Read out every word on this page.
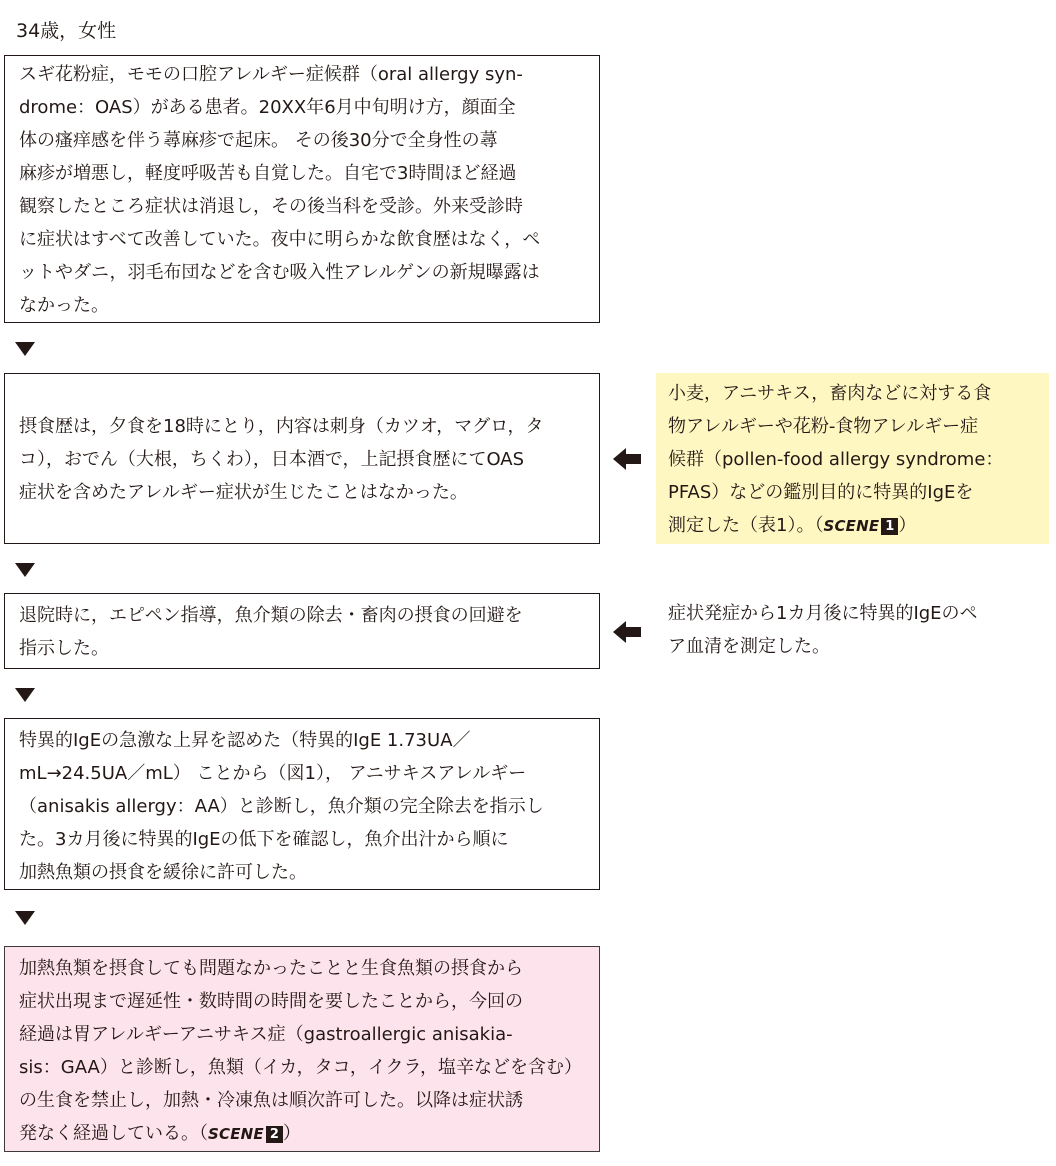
34歳，女性
スギ花粉症，モモの口腔アレルギー症候群（oral allergy syn-
drome：OAS）がある患者。20XX年6月中旬明け方，顔面全
体の瘙痒感を伴う蕁麻疹で起床。 その後30分で全身性の蕁
麻疹が増悪し，軽度呼吸苦も自覚した。自宅で3時間ほど経過
観察したところ症状は消退し，その後当科を受診。外来受診時
に症状はすべて改善していた。夜中に明らかな飲食歴はなく，ペ
ットやダニ，羽毛布団などを含む吸入性アレルゲンの新規曝露は
なかった。
摂食歴は，夕食を18時にとり，内容は刺身（カツオ，マグロ，タ
コ），おでん（大根，ちくわ），日本酒で，上記摂食歴にてOAS
症状を含めたアレルギー症状が生じたことはなかった。
小麦，アニサキス，畜肉などに対する食
物アレルギーや花粉-食物アレルギー症
候群（pollen-food allergy syndrome：
PFAS）などの鑑別目的に特異的IgEを
測定した（表1）。（SCENE 1 ）
退院時に，エピペン指導，魚介類の除去・畜肉の摂食の回避を
指示した。
症状発症から1カ月後に特異的IgEのペ
ア血清を測定した。
特異的IgEの急激な上昇を認めた（特異的IgE 1.73UA／
mL→24.5UA／mL） ことから（図1）， アニサキスアレルギー
（anisakis allergy：AA）と診断し，魚介類の完全除去を指示し
た。3カ月後に特異的IgEの低下を確認し，魚介出汁から順に
加熱魚類の摂食を緩徐に許可した。
加熱魚類を摂食しても問題なかったことと生食魚類の摂食から
症状出現まで遅延性・数時間の時間を要したことから，今回の
経過は胃アレルギーアニサキス症（gastroallergic anisakia-
sis：GAA）と診断し，魚類（イカ，タコ，イクラ，塩辛などを含む）
の生食を禁止し，加熱・冷凍魚は順次許可した。以降は症状誘
発なく経過している。（SCENE 2 ）
